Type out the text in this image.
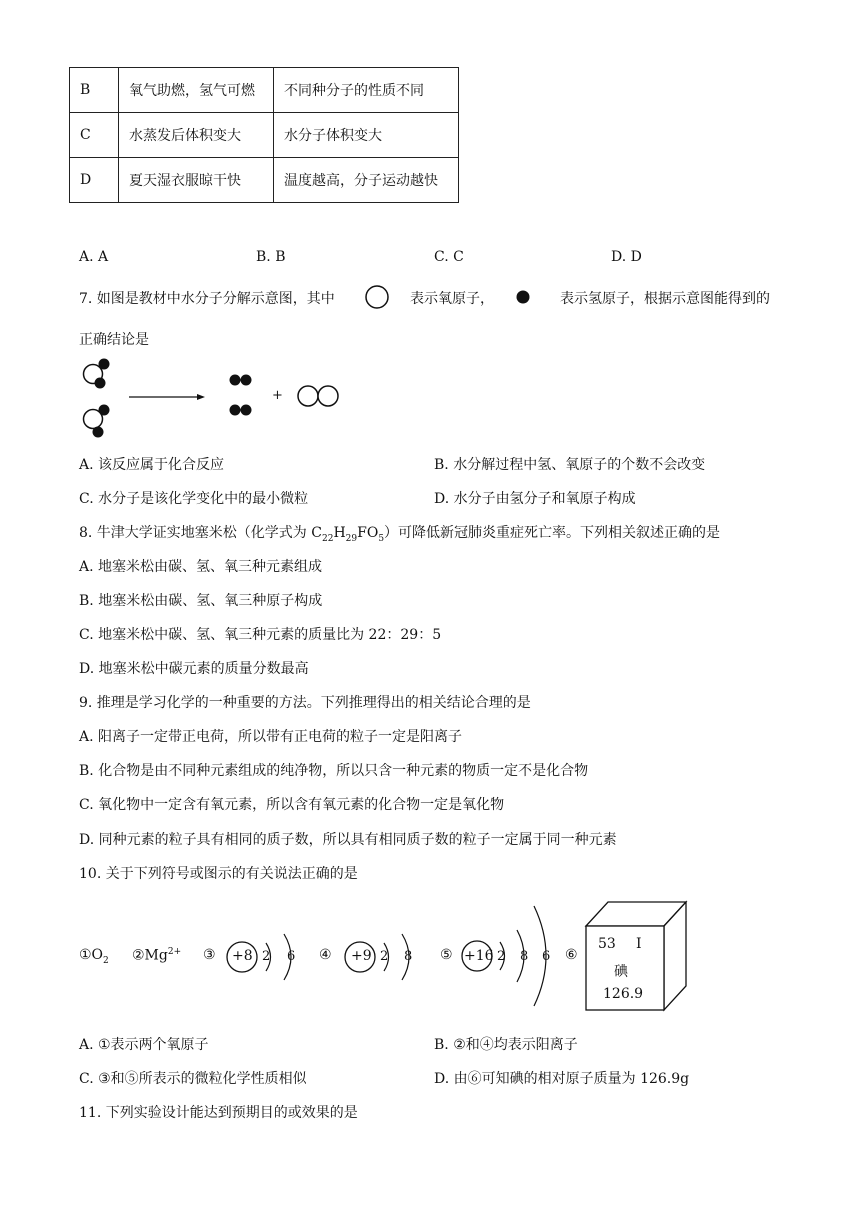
B	氧气助燃，氢气可燃	不同种分子的性质不同
C	水蒸发后体积变大	水分子体积变大
D	夏天湿衣服晾干快	温度越高，分子运动越快
A. A	B. B	C. C	D. D
7. 如图是教材中水分子分解示意图，其中	表示氧原子，	表示氢原子，根据示意图能得到的
正确结论是
+
A. 该反应属于化合反应	B. 水分解过程中氢、氧原子的个数不会改变
C. 水分子是该化学变化中的最小微粒	D. 水分子由氢分子和氧原子构成
8. 牛津大学证实地塞米松（化学式为 $C_{22}H_{29}FO_5$）可降低新冠肺炎重症死亡率。下列相关叙述正确的是
A. 地塞米松由碳、氢、氧三种元素组成
B. 地塞米松由碳、氢、氧三种原子构成
C. 地塞米松中碳、氢、氧三种元素的质量比为 22：29：5
D. 地塞米松中碳元素的质量分数最高
9. 推理是学习化学的一种重要的方法。下列推理得出的相关结论合理的是
A. 阳离子一定带正电荷，所以带有正电荷的粒子一定是阳离子
B. 化合物是由不同种元素组成的纯净物，所以只含一种元素的物质一定不是化合物
C. 氧化物中一定含有氧元素，所以含有氧元素的化合物一定是氧化物
D. 同种元素的粒子具有相同的质子数，所以具有相同质子数的粒子一定属于同一种元素
10. 关于下列符号或图示的有关说法正确的是
$①O_2$ $②Mg^{2+}$ ③ +8 2 6 ④ +9 2 8 ⑤ +16 2 8 6 ⑥
53 I
碘
126.9
A. ①表示两个氧原子	B. ②和④均表示阳离子
C. ③和⑤所表示的微粒化学性质相似	D. 由⑥可知碘的相对原子质量为 126.9g
11. 下列实验设计能达到预期目的或效果的是
